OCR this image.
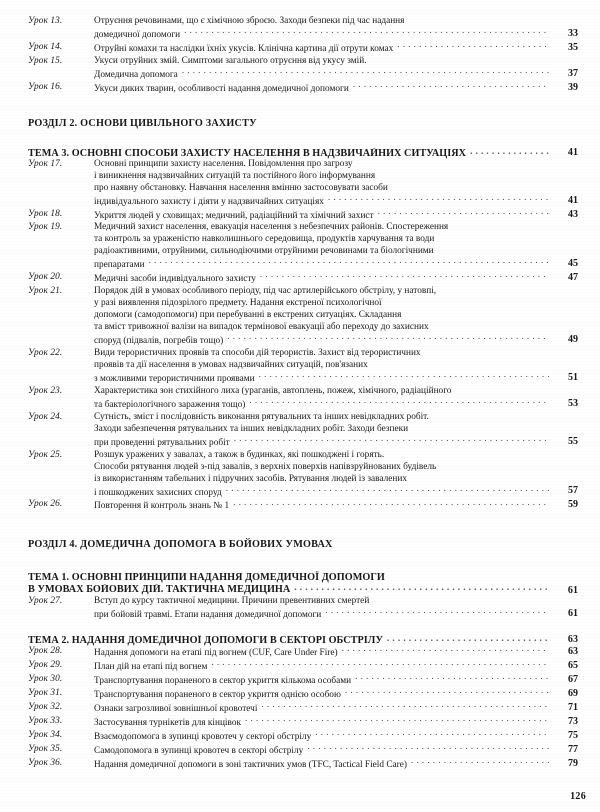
Урок 13.	Отруєння речовинами, що є хімічною зброєю. Заходи безпеки під час надання
домедичної допомоги . . .	33
Урок 14.	Отруйні комахи та наслідки їхніх укусів. Клінічна картина дії отрути комах . . .	35
Урок 15.	Укуси отруйних змій. Симптоми загального отруєння від укусу змій.
Домедична допомога . . .	37
Урок 16.	Укуси диких тварин, особливості надання домедичної допомоги . . .	39
РОЗДІЛ 2. ОСНОВИ ЦИВІЛЬНОГО ЗАХИСТУ
ТЕМА 3. ОСНОВНІ СПОСОБИ ЗАХИСТУ НАСЕЛЕННЯ В НАДЗВИЧАЙНИХ СИТУАЦІЯХ . . .	41
Урок 17.	Основні принципи захисту населення. Повідомлення про загрозу
і виникнення надзвичайних ситуацій та постійного його інформування
про наявну обстановку. Навчання населення вмінню застосовувати засоби
індивідуального захисту і діяти у надзвичайних ситуаціях . . .	41
Урок 18.	Укриття людей у сховищах; медичний, радіаційний та хімічний захист . . .	43
Урок 19.	Медичний захист населення, евакуація населення з небезпечних районів. Спостереження
та контроль за ураженістю навколишнього середовища, продуктів харчування та води
радіоактивними, отруйними, сильнодіючими отруйними речовинами та біологічними
препаратами . . .	45
Урок 20.	Медичні засоби індивідуального захисту . . .	47
Урок 21.	Порядок дій в умовах особливого періоду, під час артилерійського обстрілу, у натовпі,
у разі виявлення підозрілого предмету. Надання екстреної психологічної
допомоги (самодопомоги) при перебуванні в екстрених ситуаціях. Складання
та вміст тривожної валізи на випадок термінової евакуації або переходу до захисних
споруд (підвалів, погребів тощо) . . .	49
Урок 22.	Види терористичних проявів та способи дій терористів. Захист від терористичних
проявів та дії населення в умовах надзвичайних ситуацій, пов'язаних
з можливими терористичними проявами . . .	51
Урок 23.	Характеристика зон стихійного лиха (ураганів, автоплень, пожеж, хімічного, радіаційного
та бактеріологічного зараження тощо) . . .	53
Урок 24.	Сутність, зміст і послідовність виконання рятувальних та інших невідкладних робіт.
Заходи забезпечення рятувальних та інших невідкладних робіт. Заходи безпеки
при проведенні рятувальних робіт . . .	55
Урок 25.	Розшук уражених у завалах, а також в будинках, які пошкоджені і горять.
Способи рятування людей з-під завалів, з верхніх поверхів напівзруйнованих будівель
із використанням табельних і підручних засобів. Рятування людей із завалених
і пошкоджених захисних споруд . . .	57
Урок 26.	Повторення й контроль знань № 1 . . .	59
РОЗДІЛ 4. ДОМЕДИЧНА ДОПОМОГА В БОЙОВИХ УМОВАХ
ТЕМА 1. ОСНОВНІ ПРИНЦИПИ НАДАННЯ ДОМЕДИЧНОЇ ДОПОМОГИ
В УМОВАХ БОЙОВИХ ДІЙ. ТАКТИЧНА МЕДИЦИНА . . .	61
Урок 27.	Вступ до курсу тактичної медицини. Причини превентивних смертей
при бойовій травмі. Етапи надання домедичної допомоги . . .	61
ТЕМА 2. НАДАННЯ ДОМЕДИЧНОЇ ДОПОМОГИ В СЕКТОРІ ОБСТРІЛУ . . .	63
Урок 28.	Надання допомоги на етапі під вогнем (CUF, Care Under Fire) . . .	63
Урок 29.	План дій на етапі під вогнем . . .	65
Урок 30.	Транспортування пораненого в сектор укриття кількома особами . . .	67
Урок 31.	Транспортування пораненого в сектор укриття однією особою . . .	69
Урок 32.	Ознаки загрозливої зовнішньої кровотечі . . .	71
Урок 33.	Застосування турнікетів для кінцівок . . .	73
Урок 34.	Взаємодопомога в зупинці кровотеч у секторі обстрілу . . .	75
Урок 35.	Самодопомога в зупинці кровотеч в секторі обстрілу . . .	77
Урок 36.	Надання домедичної допомоги в зоні тактичних умов (TFC, Tactical Field Care) . . .	79
126
